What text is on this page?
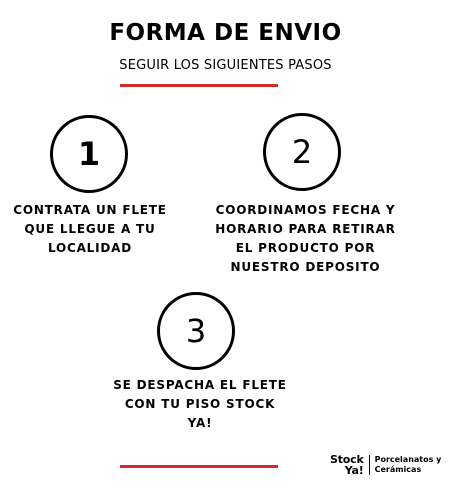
FORMA DE ENVIO
SEGUIR LOS SIGUIENTES PASOS
1
CONTRATA UN FLETE QUE LLEGUE A TU LOCALIDAD
2
COORDINAMOS FECHA Y HORARIO PARA RETIRAR EL PRODUCTO POR NUESTRO DEPOSITO
3
SE DESPACHA EL FLETE CON TU PISO STOCK YA!
Stock
Ya!
Porcelanatos y
Cerámicas
